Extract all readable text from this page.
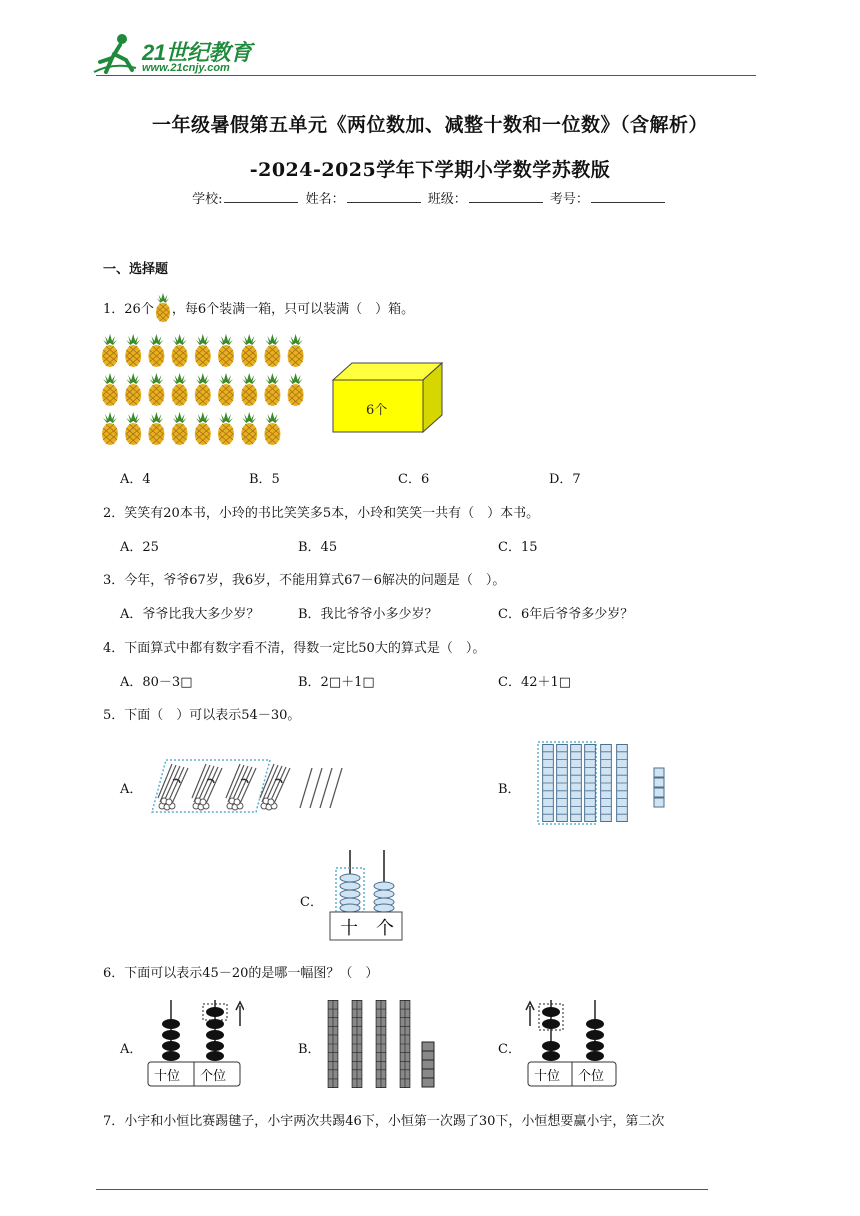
21世纪教育
www.21cnjy.com
一年级暑假第五单元《两位数加、减整十数和一位数》（含解析）
-2024-2025学年下学期小学数学苏教版
学校:	姓名：	班级：	考号：
一、选择题
1．26个 ，每6个装满一箱，只可以装满（　）箱。
6个
A．4	B．5	C．6	D．7
2．笑笑有20本书，小玲的书比笑笑多5本，小玲和笑笑一共有（　）本书。
A．25	B．45	C．15
3．今年，爷爷67岁，我6岁，不能用算式67－6解决的问题是（　）。
A．爷爷比我大多少岁？	B．我比爷爷小多少岁？	C．6年后爷爷多少岁？
4．下面算式中都有数字看不清，得数一定比50大的算式是（　）。
A．80－3□	B．2□＋1□	C．42＋1□
5．下面（　）可以表示54－30。
A．	B．
C．
十 个
6．下面可以表示45－20的是哪一幅图？（　）
A．
十位 个位
B．	C．
十位 个位
7．小宇和小恒比赛踢毽子，小宇两次共踢46下，小恒第一次踢了30下，小恒想要赢小宇，第二次
